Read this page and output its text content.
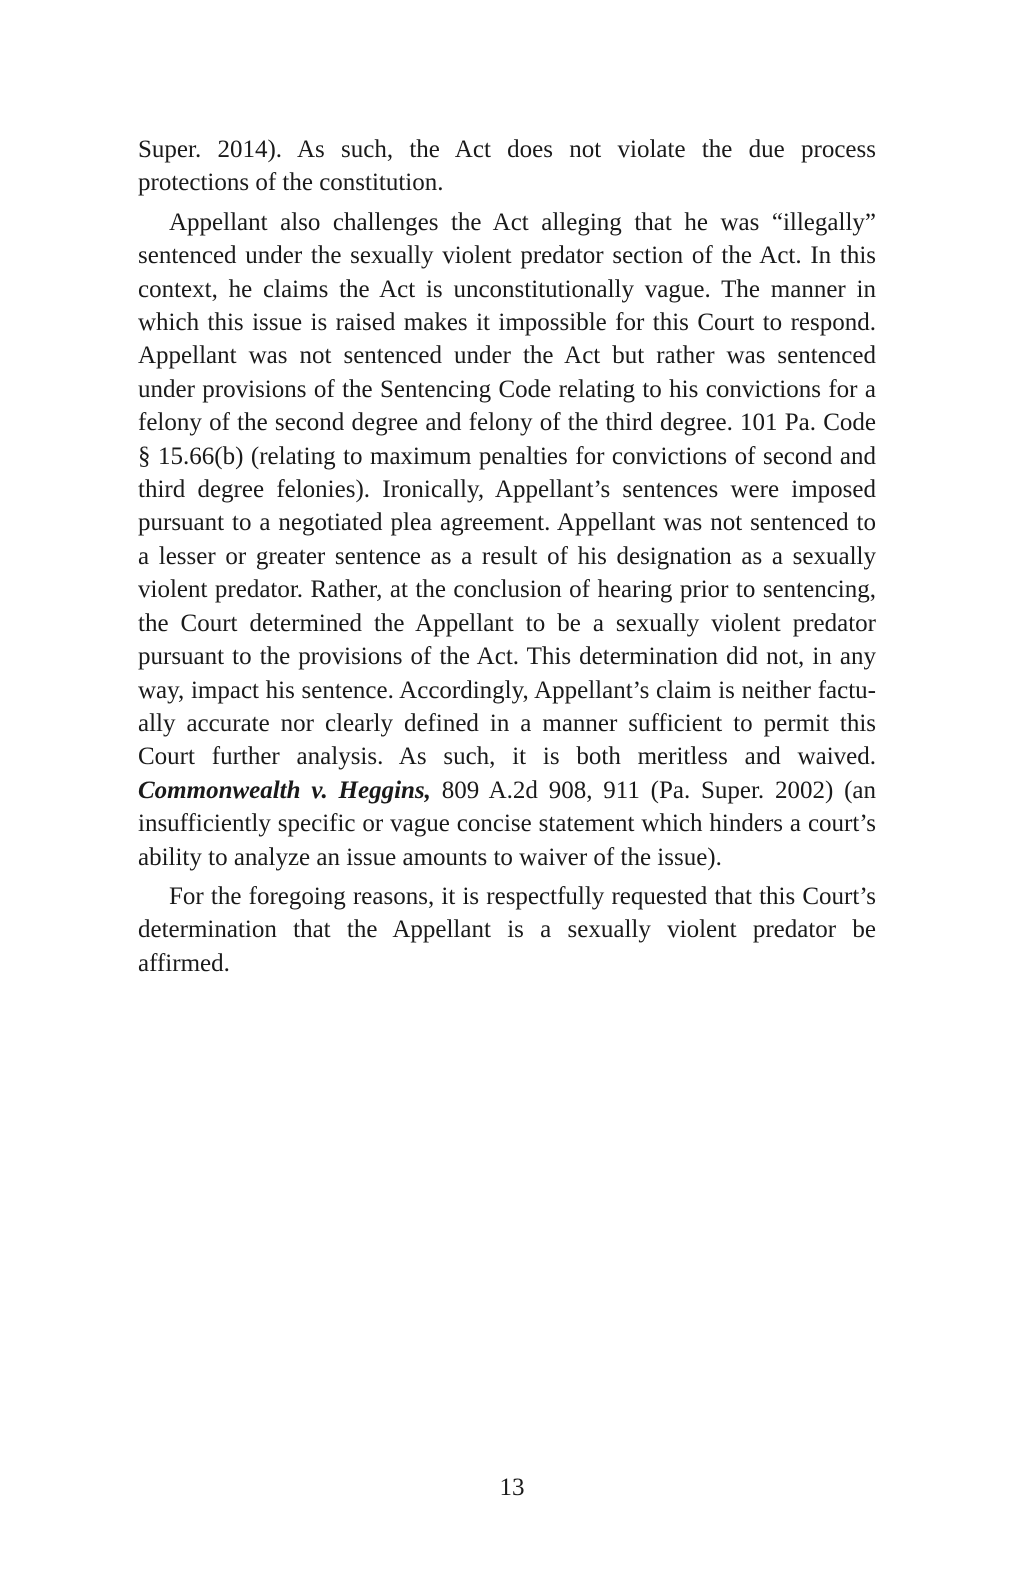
Super. 2014). As such, the Act does not violate the due process protections of the constitution.

Appellant also challenges the Act alleging that he was “illegally” sentenced under the sexually violent predator section of the Act. In this context, he claims the Act is unconstitutionally vague. The manner in which this issue is raised makes it impossible for this Court to respond. Appellant was not sentenced under the Act but rather was sentenced under provisions of the Sentencing Code relating to his convictions for a felony of the second degree and felony of the third degree. 101 Pa. Code § 15.66(b) (relating to maximum penalties for convictions of second and third degree felonies). Ironically, Appellant’s sentences were imposed pursuant to a negotiated plea agreement. Appellant was not sentenced to a lesser or greater sentence as a result of his designation as a sexually violent predator. Rather, at the conclusion of hearing prior to sentencing, the Court determined the Appellant to be a sexually violent predator pursuant to the provisions of the Act. This determination did not, in any way, impact his sentence. Accordingly, Appellant’s claim is neither factually accurate nor clearly defined in a manner sufficient to permit this Court further analysis. As such, it is both meritless and waived. Commonwealth v. Heggins, 809 A.2d 908, 911 (Pa. Super. 2002) (an insufficiently specific or vague concise statement which hinders a court’s ability to analyze an issue amounts to waiver of the issue).

For the foregoing reasons, it is respectfully requested that this Court’s determination that the Appellant is a sexually violent predator be affirmed.

13
